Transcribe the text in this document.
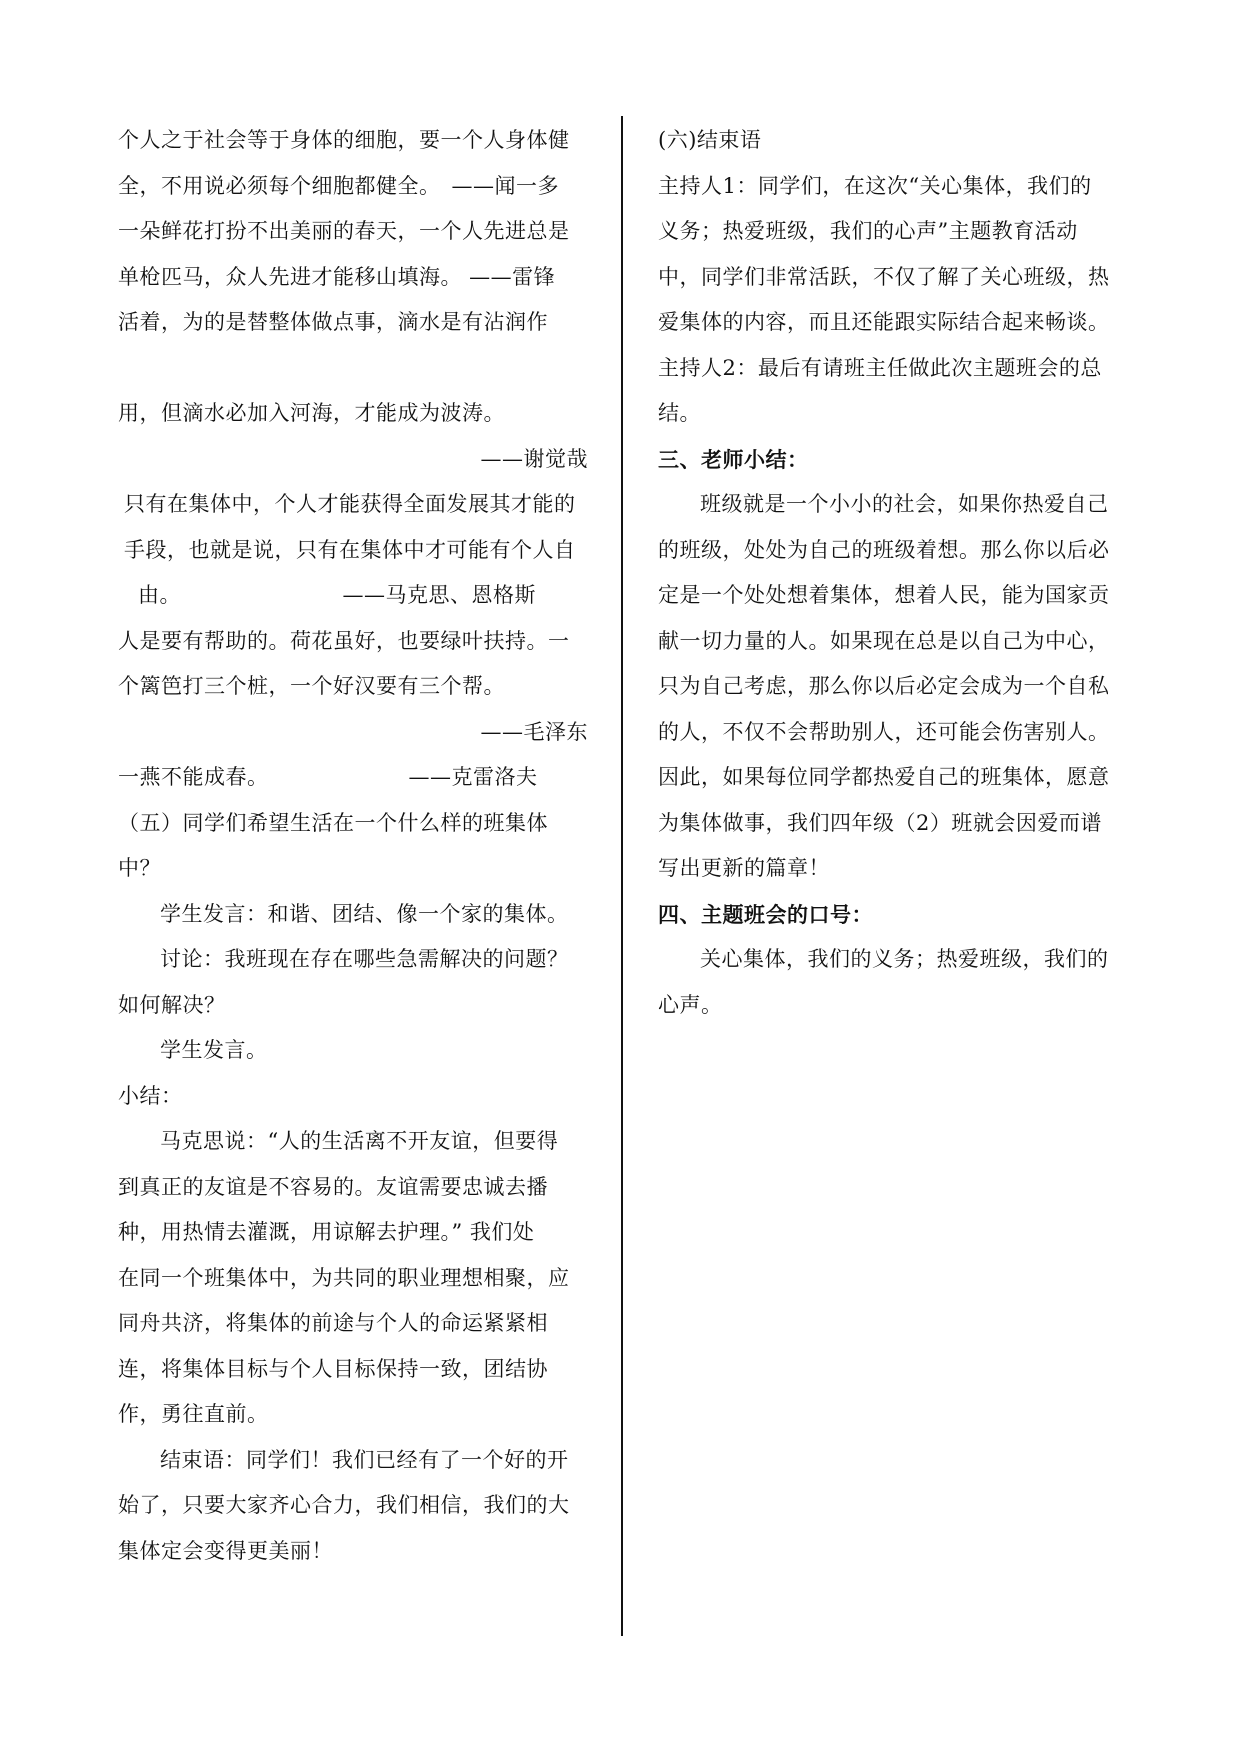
个人之于社会等于身体的细胞，要一个人身体健
全，不用说必须每个细胞都健全。　——闻一多
一朵鲜花打扮不出美丽的春天，一个人先进总是
单枪匹马，众人先进才能移山填海。 ——雷锋
活着，为的是替整体做点事，滴水是有沾润作
用，但滴水必加入河海，才能成为波涛。
——谢觉哉
只有在集体中，个人才能获得全面发展其才能的
手段，也就是说，只有在集体中才可能有个人自
由。　　　　　　　　——马克思、恩格斯
人是要有帮助的。荷花虽好，也要绿叶扶持。一
个篱笆打三个桩，一个好汉要有三个帮。
——毛泽东
一燕不能成春。　　　　　　　——克雷洛夫
（五）同学们希望生活在一个什么样的班集体
中？
学生发言：和谐、团结、像一个家的集体。
讨论：我班现在存在哪些急需解决的问题？
如何解决？
学生发言。
小结：
马克思说：“人的生活离不开友谊，但要得
到真正的友谊是不容易的。友谊需要忠诚去播
种，用热情去灌溉，用谅解去护理。” 我们处
在同一个班集体中，为共同的职业理想相聚，应
同舟共济，将集体的前途与个人的命运紧紧相
连，将集体目标与个人目标保持一致，团结协
作，勇往直前。
结束语：同学们！我们已经有了一个好的开
始了，只要大家齐心合力，我们相信，我们的大
集体定会变得更美丽！
(六)结束语
主持人1：同学们，在这次“关心集体，我们的
义务；热爱班级，我们的心声”主题教育活动
中，同学们非常活跃，不仅了解了关心班级，热
爱集体的内容，而且还能跟实际结合起来畅谈。
主持人2：最后有请班主任做此次主题班会的总
结。
三、老师小结：
班级就是一个小小的社会，如果你热爱自己
的班级，处处为自己的班级着想。那么你以后必
定是一个处处想着集体，想着人民，能为国家贡
献一切力量的人。如果现在总是以自己为中心，
只为自己考虑，那么你以后必定会成为一个自私
的人，不仅不会帮助别人，还可能会伤害别人。
因此，如果每位同学都热爱自己的班集体，愿意
为集体做事，我们四年级（2）班就会因爱而谱
写出更新的篇章！
四、主题班会的口号：
关心集体，我们的义务；热爱班级，我们的
心声。
